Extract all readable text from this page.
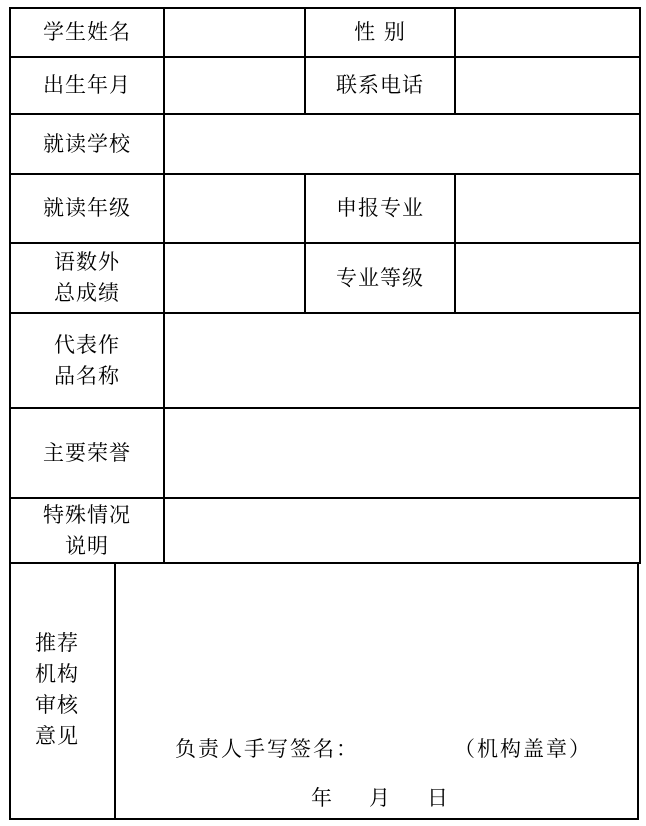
学生姓名		性 别	

出生年月		联系电话	

就读学校			

就读年级		申报专业	

语数外
总成绩		专业等级	

代表作
品名称			

主要荣誉			

特殊情况
说明			

推荐
机构
审核
意见
负责人手写签名：	（机构盖章）
年 月 日
